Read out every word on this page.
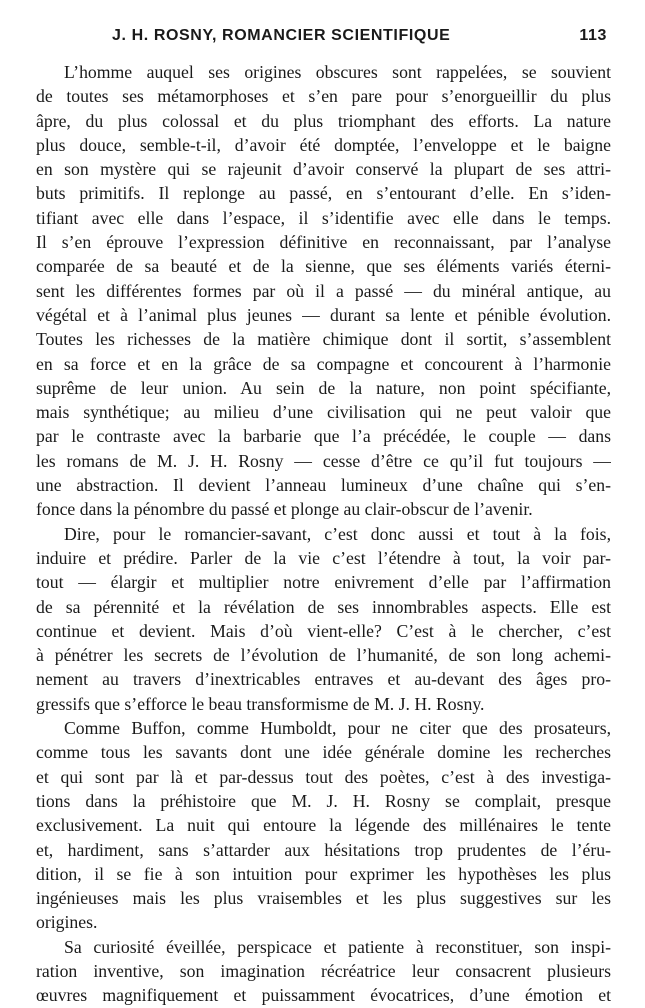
J. H. ROSNY, ROMANCIER SCIENTIFIQUE	113
L’homme auquel ses origines obscures sont rappelées, se souvient
de toutes ses métamorphoses et s’en pare pour s’enorgueillir du plus
âpre, du plus colossal et du plus triomphant des efforts. La nature
plus douce, semble-t-il, d’avoir été domptée, l’enveloppe et le baigne
en son mystère qui se rajeunit d’avoir conservé la plupart de ses attri-
buts primitifs. Il replonge au passé, en s’entourant d’elle. En s’iden-
tifiant avec elle dans l’espace, il s’identifie avec elle dans le temps.
Il s’en éprouve l’expression définitive en reconnaissant, par l’analyse
comparée de sa beauté et de la sienne, que ses éléments variés éterni-
sent les différentes formes par où il a passé — du minéral antique, au
végétal et à l’animal plus jeunes — durant sa lente et pénible évolution.
Toutes les richesses de la matière chimique dont il sortit, s’assemblent
en sa force et en la grâce de sa compagne et concourent à l’harmonie
suprême de leur union. Au sein de la nature, non point spécifiante,
mais synthétique; au milieu d’une civilisation qui ne peut valoir que
par le contraste avec la barbarie que l’a précédée, le couple — dans
les romans de M. J. H. Rosny — cesse d’être ce qu’il fut toujours —
une abstraction. Il devient l’anneau lumineux d’une chaîne qui s’en-
fonce dans la pénombre du passé et plonge au clair-obscur de l’avenir.
Dire, pour le romancier-savant, c’est donc aussi et tout à la fois,
induire et prédire. Parler de la vie c’est l’étendre à tout, la voir par-
tout — élargir et multiplier notre enivrement d’elle par l’affirmation
de sa pérennité et la révélation de ses innombrables aspects. Elle est
continue et devient. Mais d’où vient-elle? C’est à le chercher, c’est
à pénétrer les secrets de l’évolution de l’humanité, de son long achemi-
nement au travers d’inextricables entraves et au-devant des âges pro-
gressifs que s’efforce le beau transformisme de M. J. H. Rosny.
Comme Buffon, comme Humboldt, pour ne citer que des prosateurs,
comme tous les savants dont une idée générale domine les recherches
et qui sont par là et par-dessus tout des poètes, c’est à des investiga-
tions dans la préhistoire que M. J. H. Rosny se complait, presque
exclusivement. La nuit qui entoure la légende des millénaires le tente
et, hardiment, sans s’attarder aux hésitations trop prudentes de l’éru-
dition, il se fie à son intuition pour exprimer les hypothèses les plus
ingénieuses mais les plus vraisembles et les plus suggestives sur les
origines.
Sa curiosité éveillée, perspicace et patiente à reconstituer, son inspi-
ration inventive, son imagination récréatrice leur consacrent plusieurs
œuvres magnifiquement et puissamment évocatrices, d’une émotion et
